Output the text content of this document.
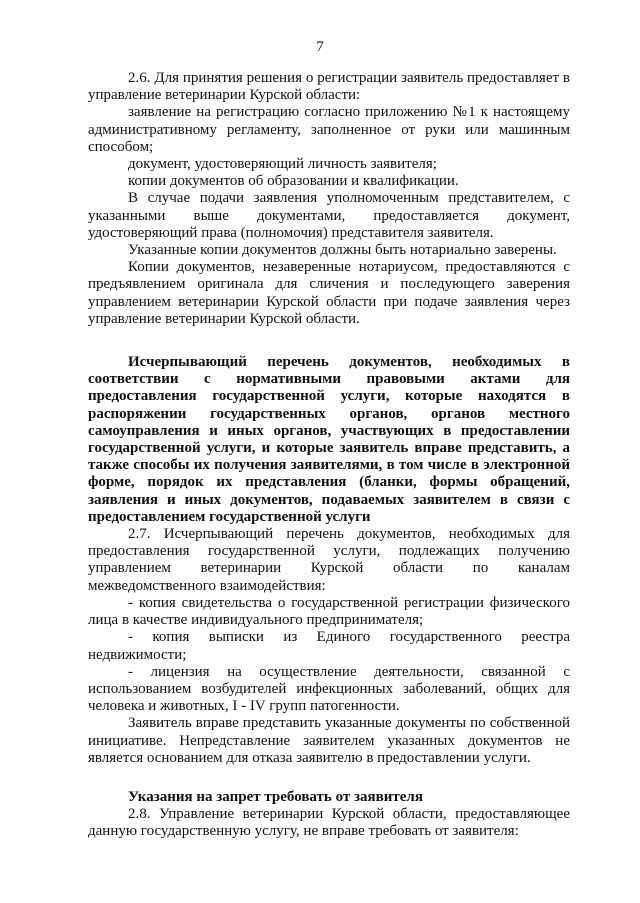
7

2.6. Для принятия решения о регистрации заявитель предоставляет в управление ветеринарии Курской области:

заявление на регистрацию согласно приложению №1 к настоящему административному регламенту, заполненное от руки или машинным способом;

документ, удостоверяющий личность заявителя;

копии документов об образовании и квалификации.

В случае подачи заявления уполномоченным представителем, с указанными выше документами, предоставляется документ, удостоверяющий права (полномочия) представителя заявителя.

Указанные копии документов должны быть нотариально заверены.

Копии документов, незаверенные нотариусом, предоставляются с предъявлением оригинала для сличения и последующего заверения управлением ветеринарии Курской области при подаче заявления через управление ветеринарии Курской области.

Исчерпывающий перечень документов, необходимых в соответствии с нормативными правовыми актами для предоставления государственной услуги, которые находятся в распоряжении государственных органов, органов местного самоуправления и иных органов, участвующих в предоставлении государственной услуги, и которые заявитель вправе представить, а также способы их получения заявителями, в том числе в электронной форме, порядок их представления (бланки, формы обращений, заявления и иных документов, подаваемых заявителем в связи с предоставлением государственной услуги

2.7. Исчерпывающий перечень документов, необходимых для предоставления государственной услуги, подлежащих получению управлением ветеринарии Курской области по каналам межведомственного взаимодействия:

- копия свидетельства о государственной регистрации физического лица в качестве индивидуального предпринимателя;

- копия выписки из Единого государственного реестра недвижимости;

- лицензия на осуществление деятельности, связанной с использованием возбудителей инфекционных заболеваний, общих для человека и животных, I - IV групп патогенности.

Заявитель вправе представить указанные документы по собственной инициативе. Непредставление заявителем указанных документов не является основанием для отказа заявителю в предоставлении услуги.

Указания на запрет требовать от заявителя

2.8. Управление ветеринарии Курской области, предоставляющее данную государственную услугу, не вправе требовать от заявителя:
